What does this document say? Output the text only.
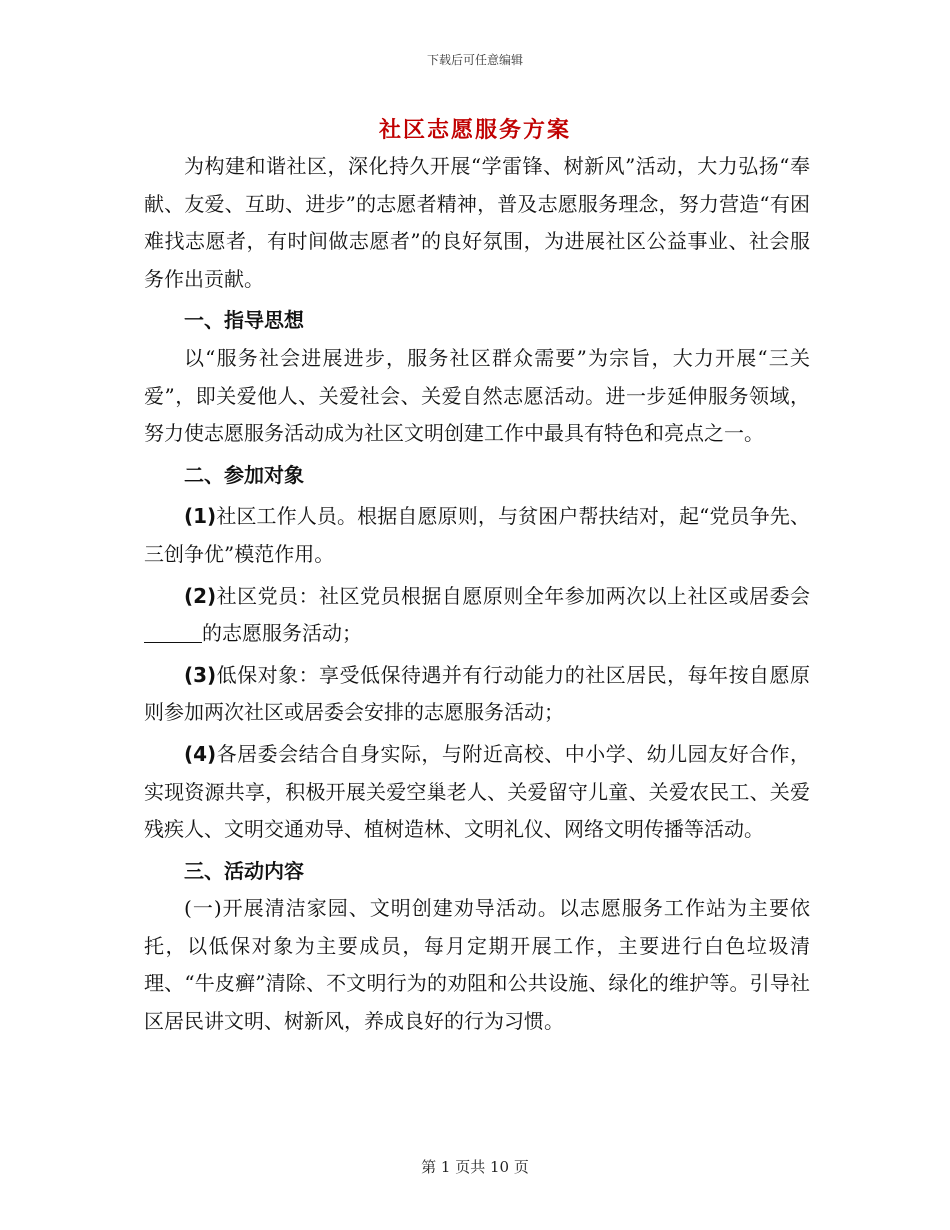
下载后可任意编辑
社区志愿服务方案

为构建和谐社区，深化持久开展“学雷锋、树新风”活动，大力弘扬“奉献、友爱、互助、进步”的志愿者精神，普及志愿服务理念，努力营造“有困难找志愿者，有时间做志愿者”的良好氛围，为进展社区公益事业、社会服务作出贡献。

一、指导思想

以“服务社会进展进步，服务社区群众需要”为宗旨，大力开展“三关爱”，即关爱他人、关爱社会、关爱自然志愿活动。进一步延伸服务领域，努力使志愿服务活动成为社区文明创建工作中最具有特色和亮点之一。

二、参加对象

(1)社区工作人员。根据自愿原则，与贫困户帮扶结对，起“党员争先、三创争优”模范作用。

(2)社区党员：社区党员根据自愿原则全年参加两次以上社区或居委会的志愿服务活动；

(3)低保对象：享受低保待遇并有行动能力的社区居民，每年按自愿原则参加两次社区或居委会安排的志愿服务活动；

(4)各居委会结合自身实际，与附近高校、中小学、幼儿园友好合作，实现资源共享，积极开展关爱空巢老人、关爱留守儿童、关爱农民工、关爱残疾人、文明交通劝导、植树造林、文明礼仪、网络文明传播等活动。

三、活动内容

(一)开展清洁家园、文明创建劝导活动。以志愿服务工作站为主要依托，以低保对象为主要成员，每月定期开展工作，主要进行白色垃圾清理、“牛皮癣”清除、不文明行为的劝阻和公共设施、绿化的维护等。引导社区居民讲文明、树新风，养成良好的行为习惯。

第 1 页共 10 页
